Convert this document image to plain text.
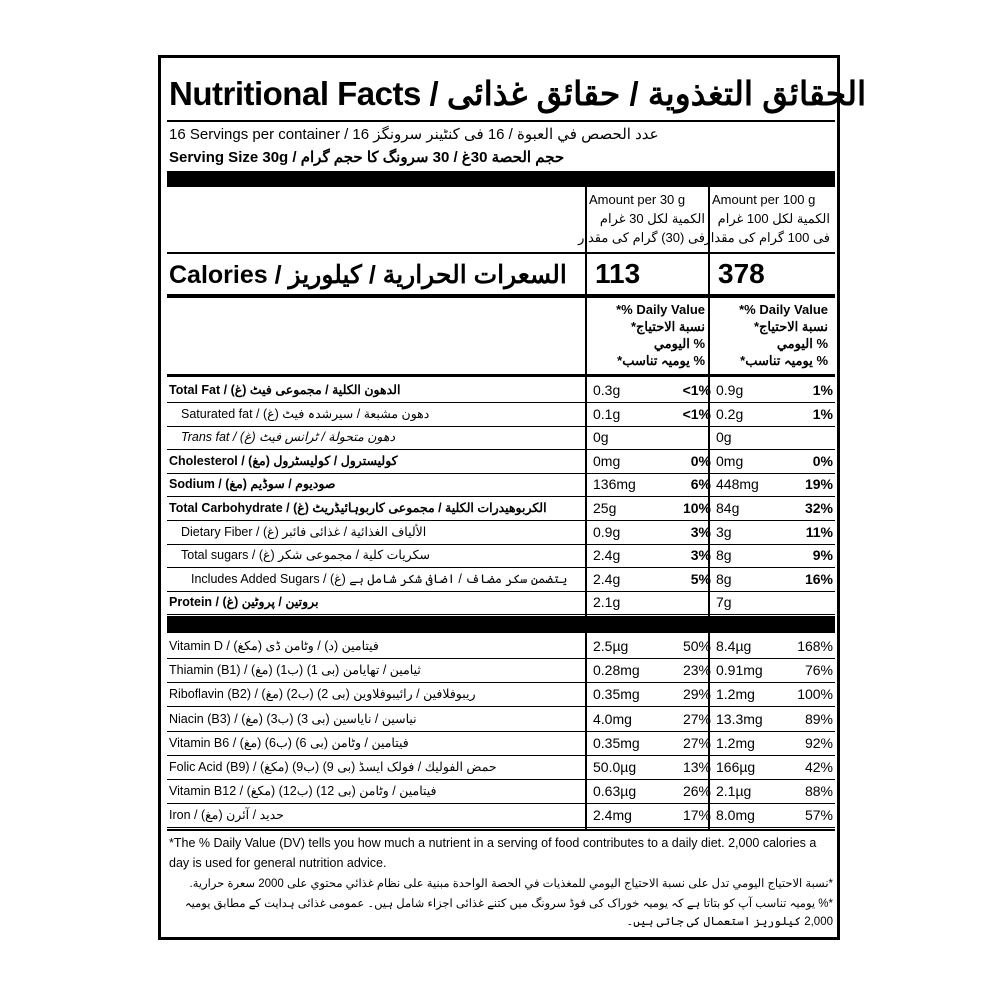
Nutritional Facts / الحقائق التغذوية / حقائق غذائی
16 Servings per container / 16 عدد الحصص في العبوة / 16 فی کنٹینر سرونگز
Serving Size 30g / حجم الحصة 30غ / 30 سرونگ کا حجم گرام
Amount per 30 g
الكمية لكل 30 غرام
فی (30) گرام کی مقدار
Amount per 100 g
الكمية لكل 100 غرام
فی 100 گرام کی مقدار
Calories / السعرات الحرارية / کیلوریز	113	378
*% Daily Value
*نسبة الاحتياج
اليومي %
*یومیہ تناسب %
*% Daily Value
*نسبة الاحتياج
اليومي %
*یومیہ تناسب %
Total Fat / (غ) الدهون الكلية / مجموعی فیٹ	0.3g	<1% 0.9g	1%
Saturated fat / (غ) دهون مشبعة / سیرشدہ فیٹ	0.1g	<1% 0.2g	1%
Trans fat / (غ) دهون متحولة / ٹرانس فیٹ	0g	0g
Cholesterol / (مغ) كوليسترول / کولیسٹرول	0mg	0% 0mg	0%
Sodium / (مغ) صوديوم / سوڈیم	136mg	6% 448mg	19%
Total Carbohydrate / (غ) الكربوهيدرات الكلية / مجموعی کاربوہائیڈریٹ	25g	10% 84g	32%
Dietary Fiber / (غ) الألياف الغذائية / غذائی فائبر	0.9g	3% 3g	11%
Total sugars / (غ) سكريات كلية / مجموعی شکر	2.4g	3% 8g	9%
Includes Added Sugars / (غ) يتضمن سكر مضاف / اضافی شکر شامل ہے	2.4g	5% 8g	16%
Protein / (غ) بروتين / پروٹین	2.1g	7g
Vitamin D / (مكغ) فيتامين (د) / وٹامن ڈی	2.5µg	50% 8.4µg	168%
Thiamin (B1) / (مغ) (ب1) ثيامين / تھایامن (بی 1)	0.28mg	23% 0.91mg	76%
Riboflavin (B2) / (مغ) (ب2) ريبوفلافين / رائیبوفلاوین (بی 2)	0.35mg	29% 1.2mg	100%
Niacin (B3) / (مغ) (ب3) نياسين / نایاسین (بی 3)	4.0mg	27% 13.3mg	89%
Vitamin B6 / (مغ) (ب6) فيتامين / وٹامن (بی 6)	0.35mg	27% 1.2mg	92%
Folic Acid (B9) / (مكغ) (ب9) حمض الفوليك / فولک ایسڈ (بی 9)	50.0µg	13% 166µg	42%
Vitamin B12 / (مكغ) (ب12) فيتامين / وٹامن (بی 12)	0.63µg	26% 2.1µg	88%
Iron / (مغ) حديد / آئرن	2.4mg	17% 8.0mg	57%
*The % Daily Value (DV) tells you how much a nutrient in a serving of food contributes to a daily diet. 2,000 calories a day is used for general nutrition advice.
*نسبة الاحتياج اليومي تدل على نسبة الاحتياج اليومي للمغذيات في الحصة الواحدة مبنية على نظام غذائي محتوي على 2000 سعرة حرارية.
*% یومیہ تناسب آپ کو بتاتا ہے کہ یومیہ خوراک کی فوڈ سرونگ میں کتنے غذائی اجزاء شامل ہیں۔ عمومی غذائی ہدایت کے مطابق یومیہ 2,000 کیلوریز استعمال کی جاتی ہیں۔
